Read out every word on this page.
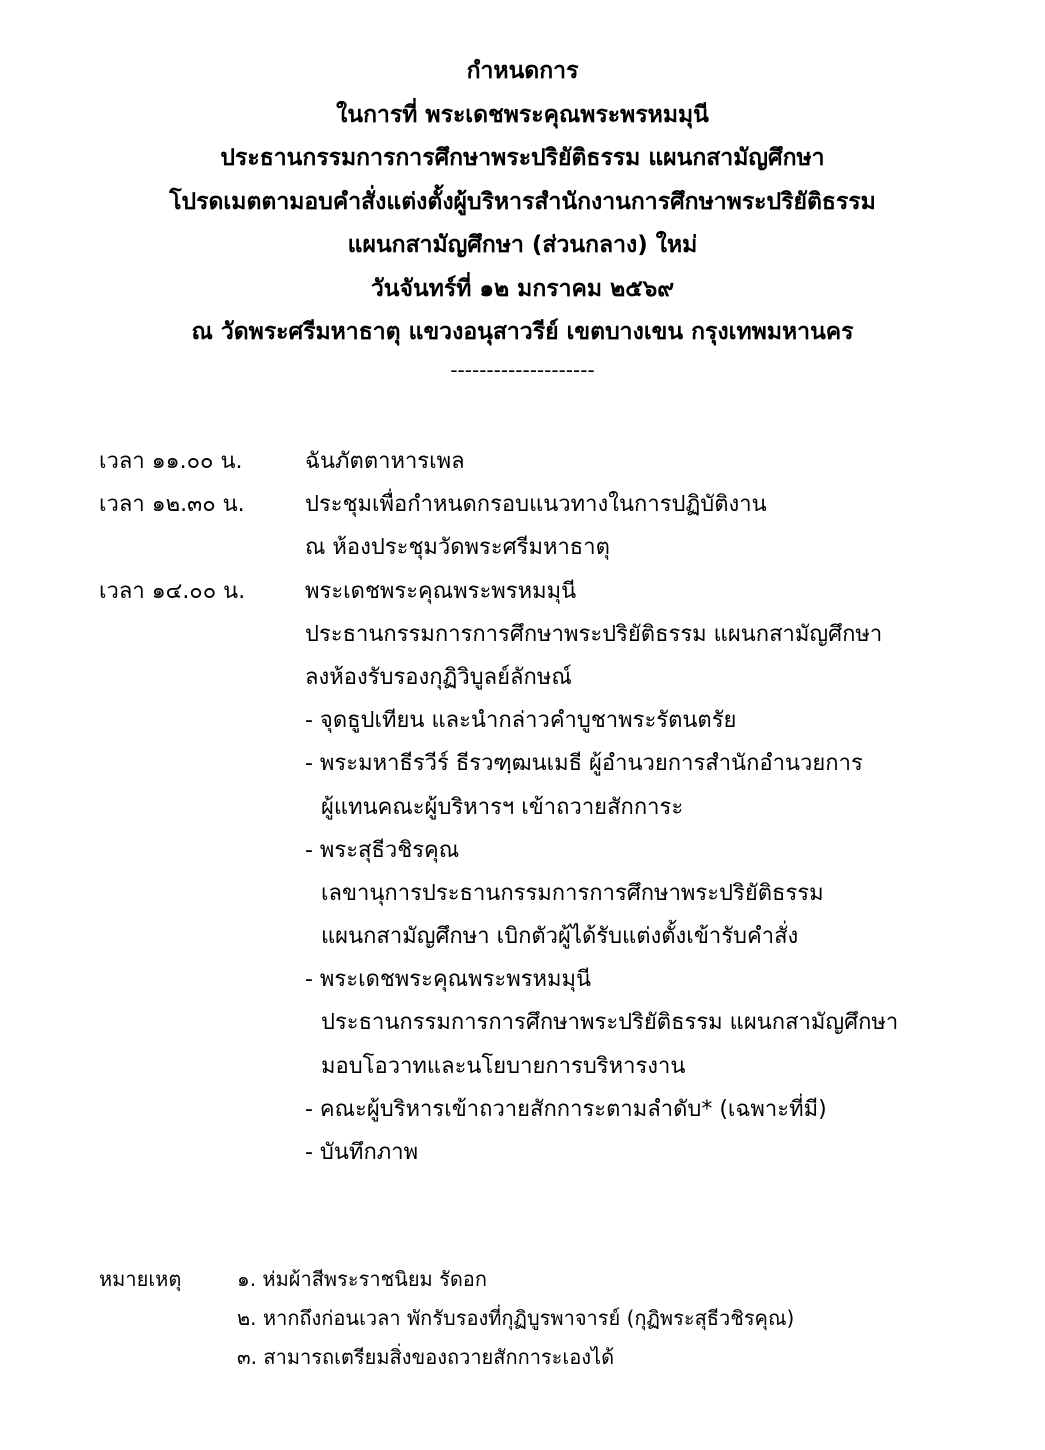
กำหนดการ
ในการที่ พระเดชพระคุณพระพรหมมุนี
ประธานกรรมการการศึกษาพระปริยัติธรรม แผนกสามัญศึกษา
โปรดเมตตามอบคำสั่งแต่งตั้งผู้บริหารสำนักงานการศึกษาพระปริยัติธรรม
แผนกสามัญศึกษา (ส่วนกลาง) ใหม่
วันจันทร์ที่ ๑๒ มกราคม ๒๕๖๙
ณ วัดพระศรีมหาธาตุ แขวงอนุสาวรีย์ เขตบางเขน กรุงเทพมหานคร
--------------------
เวลา ๑๑.๐๐ น.	ฉันภัตตาหารเพล
เวลา ๑๒.๓๐ น.	ประชุมเพื่อกำหนดกรอบแนวทางในการปฏิบัติงาน
ณ ห้องประชุมวัดพระศรีมหาธาตุ
เวลา ๑๔.๐๐ น.	พระเดชพระคุณพระพรหมมุนี
ประธานกรรมการการศึกษาพระปริยัติธรรม แผนกสามัญศึกษา
ลงห้องรับรองกุฏิวิบูลย์ลักษณ์
- จุดธูปเทียน และนำกล่าวคำบูชาพระรัตนตรัย
- พระมหาธีรวีร์ ธีรวฑฺฒนเมธี ผู้อำนวยการสำนักอำนวยการ
ผู้แทนคณะผู้บริหารฯ เข้าถวายสักการะ
- พระสุธีวชิรคุณ
เลขานุการประธานกรรมการการศึกษาพระปริยัติธรรม
แผนกสามัญศึกษา เบิกตัวผู้ได้รับแต่งตั้งเข้ารับคำสั่ง
- พระเดชพระคุณพระพรหมมุนี
ประธานกรรมการการศึกษาพระปริยัติธรรม แผนกสามัญศึกษา
มอบโอวาทและนโยบายการบริหารงาน
- คณะผู้บริหารเข้าถวายสักการะตามลำดับ* (เฉพาะที่มี)
- บันทึกภาพ
หมายเหตุ	๑. ห่มผ้าสีพระราชนิยม รัดอก
๒. หากถึงก่อนเวลา พักรับรองที่กุฏิบูรพาจารย์ (กุฏิพระสุธีวชิรคุณ)
๓. สามารถเตรียมสิ่งของถวายสักการะเองได้
